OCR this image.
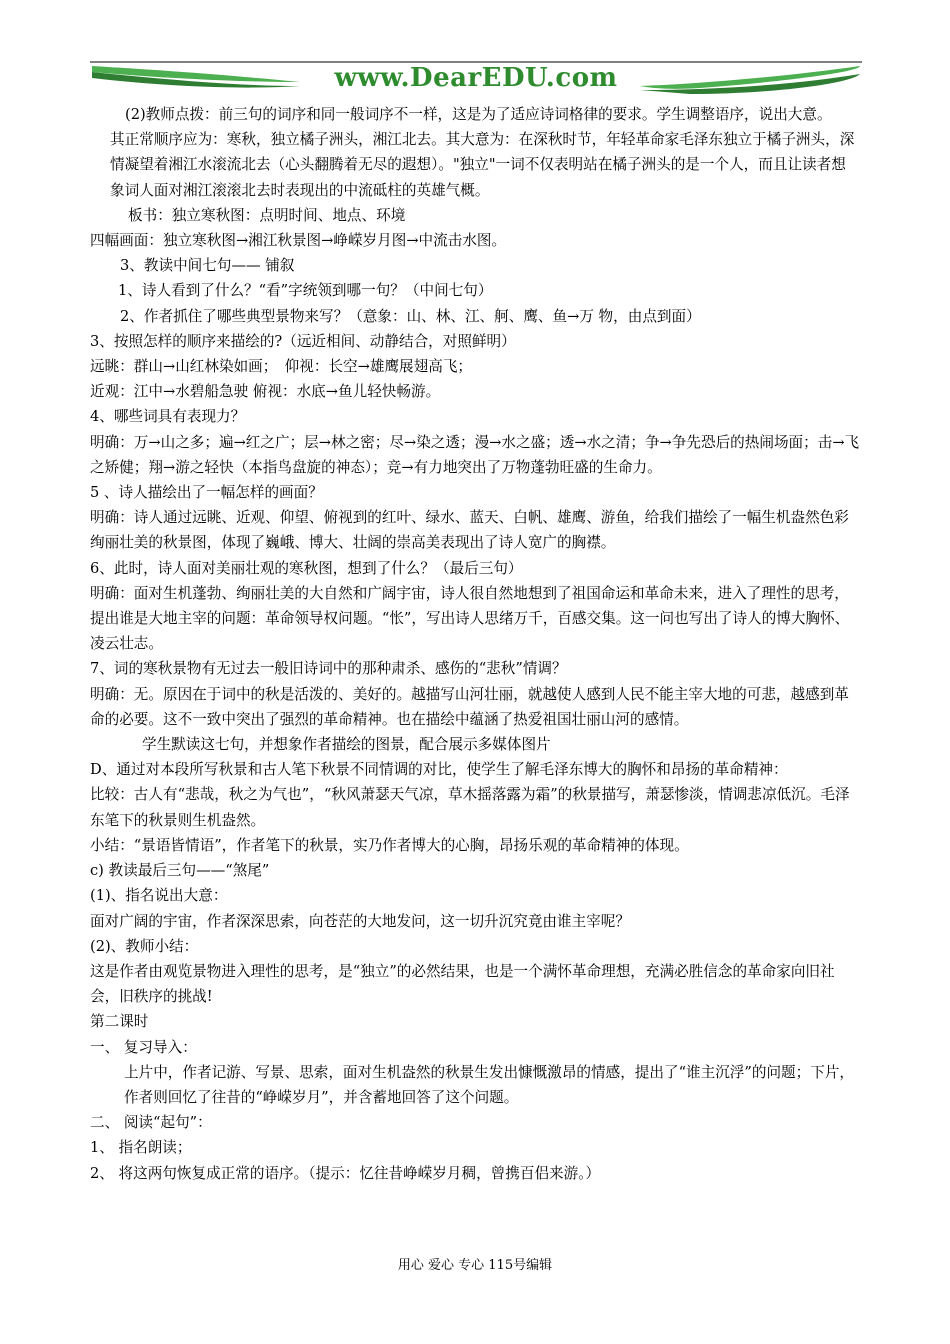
www.DearEDU.com

(2)教师点拨：前三句的词序和同一般词序不一样，这是为了适应诗词格律的要求。学生调整语序，说出大意。

其正常顺序应为：寒秋，独立橘子洲头，湘江北去。其大意为：在深秋时节，年轻革命家毛泽东独立于橘子洲头，深情凝望着湘江水滚流北去（心头翻腾着无尽的遐想）。"独立"一词不仅表明站在橘子洲头的是一个人，而且让读者想象词人面对湘江滚滚北去时表现出的中流砥柱的英雄气概。

板书：独立寒秋图：点明时间、地点、环境

四幅画面：独立寒秋图→湘江秋景图→峥嵘岁月图→中流击水图。

3、教读中间七句—— 铺叙

1、诗人看到了什么？“看”字统领到哪一句？（中间七句）

2、作者抓住了哪些典型景物来写？（意象：山、林、江、舸、鹰、鱼→万 物，由点到面）

3、按照怎样的顺序来描绘的?（远近相间、动静结合，对照鲜明）

远眺：群山→山红林染如画；　仰视：长空→雄鹰展翅高飞；

近观：江中→水碧船急驶 俯视：水底→鱼儿轻快畅游。

4、哪些词具有表现力？

明确：万→山之多；遍→红之广；层→林之密；尽→染之透；漫→水之盛；透→水之清；争→争先恐后的热闹场面；击→飞之矫健；翔→游之轻快（本指鸟盘旋的神态）；竞→有力地突出了万物蓬勃旺盛的生命力。

5 、诗人描绘出了一幅怎样的画面？

明确：诗人通过远眺、近观、仰望、俯视到的红叶、绿水、蓝天、白帆、雄鹰、游鱼，给我们描绘了一幅生机盎然色彩绚丽壮美的秋景图，体现了巍峨、博大、壮阔的崇高美表现出了诗人宽广的胸襟。

6、此时，诗人面对美丽壮观的寒秋图，想到了什么？（最后三句）

明确：面对生机蓬勃、绚丽壮美的大自然和广阔宇宙，诗人很自然地想到了祖国命运和革命未来，进入了理性的思考，提出谁是大地主宰的问题：革命领导权问题。“怅”，写出诗人思绪万千，百感交集。这一问也写出了诗人的博大胸怀、凌云壮志。

7、词的寒秋景物有无过去一般旧诗词中的那种肃杀、感伤的“悲秋”情调？

明确：无。原因在于词中的秋是活泼的、美好的。越描写山河壮丽，就越使人感到人民不能主宰大地的可悲，越感到革命的必要。这不一致中突出了强烈的革命精神。也在描绘中蕴涵了热爱祖国壮丽山河的感情。

学生默读这七句，并想象作者描绘的图景，配合展示多媒体图片

D、通过对本段所写秋景和古人笔下秋景不同情调的对比，使学生了解毛泽东博大的胸怀和昂扬的革命精神：

比较：古人有“悲哉，秋之为气也”，“秋风萧瑟天气凉，草木摇落露为霜”的秋景描写，萧瑟惨淡，情调悲凉低沉。毛泽东笔下的秋景则生机盎然。

小结：“景语皆情语”，作者笔下的秋景，实乃作者博大的心胸，昂扬乐观的革命精神的体现。

c) 教读最后三句——“煞尾”

(1)、指名说出大意：

面对广阔的宇宙，作者深深思索，向苍茫的大地发问，这一切升沉究竟由谁主宰呢？

(2)、教师小结：

这是作者由观览景物进入理性的思考，是“独立”的必然结果，也是一个满怀革命理想，充满必胜信念的革命家向旧社会，旧秩序的挑战!

第二课时

一、 复习导入：

上片中，作者记游、写景、思索，面对生机盎然的秋景生发出慷慨激昂的情感，提出了“谁主沉浮”的问题；下片，作者则回忆了往昔的“峥嵘岁月”，并含蓄地回答了这个问题。

二、 阅读“起句”：

1、 指名朗读；

2、 将这两句恢复成正常的语序。（提示：忆往昔峥嵘岁月稠，曾携百侣来游。）

用心 爱心 专心 115号编辑
